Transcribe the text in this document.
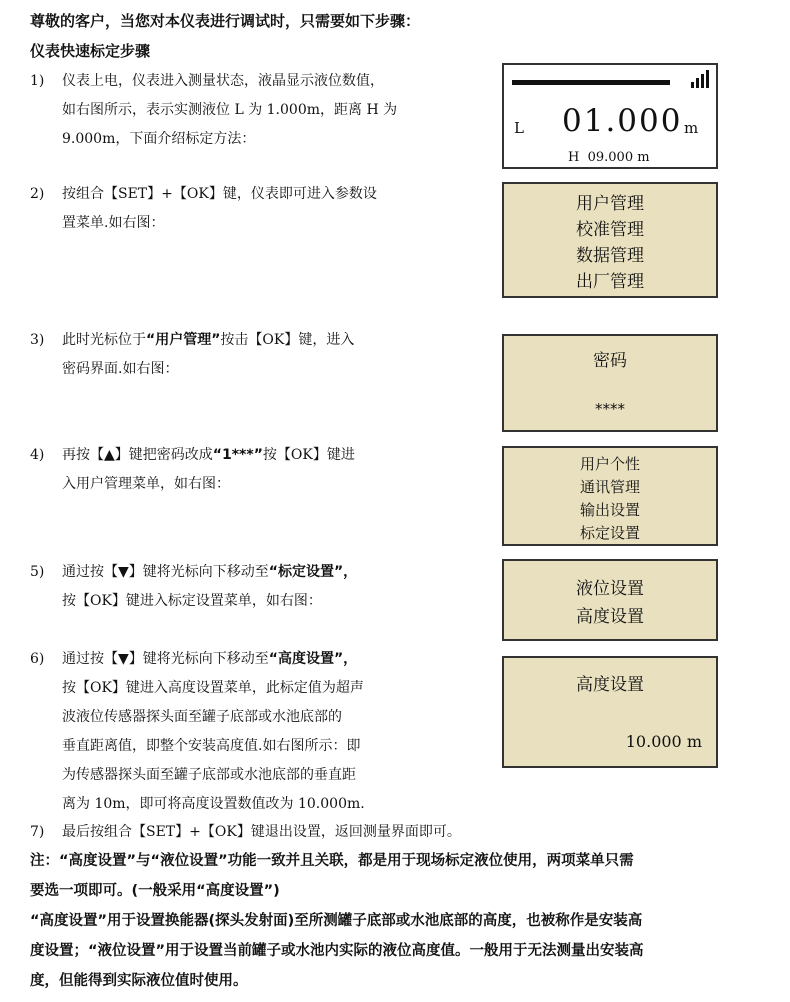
尊敬的客户，当您对本仪表进行调试时，只需要如下步骤：
仪表快速标定步骤
1) 仪表上电，仪表进入测量状态，液晶显示液位数值，
如右图所示，表示实测液位 L 为 1.000m，距离 H 为
9.000m，下面介绍标定方法：
2) 按组合【SET】+【OK】键，仪表即可进入参数设
置菜单.如右图：
3) 此时光标位于“用户管理”按击【OK】键，进入
密码界面.如右图：
4) 再按【▲】键把密码改成“1***”按【OK】键进
入用户管理菜单，如右图：
5) 通过按【▼】键将光标向下移动至“标定设置”，
按【OK】键进入标定设置菜单，如右图：
6) 通过按【▼】键将光标向下移动至“高度设置”，
按【OK】键进入高度设置菜单，此标定值为超声
波液位传感器探头面至罐子底部或水池底部的
垂直距离值，即整个安装高度值.如右图所示：即
为传感器探头面至罐子底部或水池底部的垂直距
离为 10m，即可将高度设置数值改为 10.000m.
7) 最后按组合【SET】+【OK】键退出设置，返回测量界面即可。
注：“高度设置”与“液位设置”功能一致并且关联，都是用于现场标定液位使用，两项菜单只需
要选一项即可。(一般采用“高度设置”)
“高度设置”用于设置换能器(探头发射面)至所测罐子底部或水池底部的高度，也被称作是安装高
度设置；“液位设置”用于设置当前罐子或水池内实际的液位高度值。一般用于无法测量出安装高
度，但能得到实际液位值时使用。
L 01.000 m
H 09.000 m
用户管理
校准管理
数据管理
出厂管理
密码
****
用户个性
通讯管理
输出设置
标定设置
液位设置
高度设置
高度设置
10.000 m
